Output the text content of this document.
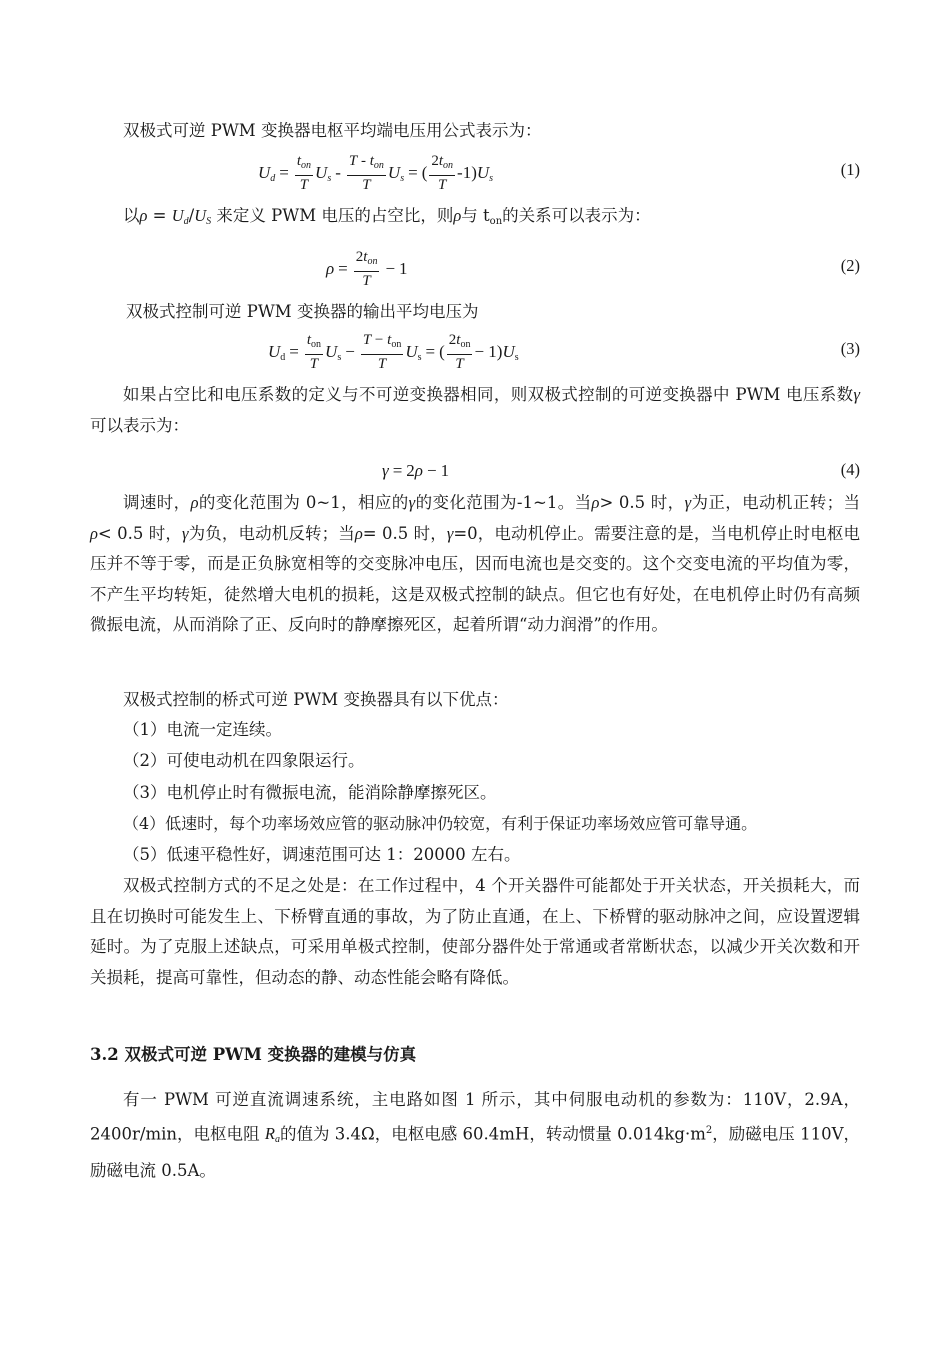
双极式可逆 PWM 变换器电枢平均端电压用公式表示为：

$U_d = \frac{t_{on}}{T} U_s - \frac{T - t_{on}}{T} U_s$ = ( $\frac{2t_{on}}{T} -1$) $U_s$	(1)

以$\rho = U_d/U_S$ 来定义 PWM 电压的占空比，则ρ与 $t_{on}$的关系可以表示为：

$\rho = \frac{2t_{on}}{T} - 1$	(2)

双极式控制可逆 PWM 变换器的输出平均电压为

$U_d = \frac{t_{on}}{T} U_s - \frac{T - t_{on}}{T} U_s$ = ( $\frac{2t_{on}}{T} - 1$) $U_s$	(3)

如果占空比和电压系数的定义与不可逆变换器相同，则双极式控制的可逆变换器中 PWM 电压系数γ可以表示为：

γ = 2 ρ − 1	(4)

调速时，ρ的变化范围为 0~1，相应的γ的变化范围为-1~1。当ρ> 0.5 时，γ为正，电动机正转；当ρ< 0.5 时，γ为负，电动机反转；当ρ= 0.5 时，γ=0，电动机停止。需要注意的是，当电机停止时电枢电压并不等于零，而是正负脉宽相等的交变脉冲电压，因而电流也是交变的。这个交变电流的平均值为零，不产生平均转矩，徒然增大电机的损耗，这是双极式控制的缺点。但它也有好处，在电机停止时仍有高频微振电流，从而消除了正、反向时的静摩擦死区，起着所谓“动力润滑”的作用。

双极式控制的桥式可逆 PWM 变换器具有以下优点：

（1）电流一定连续。

（2）可使电动机在四象限运行。

（3）电机停止时有微振电流，能消除静摩擦死区。

（4）低速时，每个功率场效应管的驱动脉冲仍较宽，有利于保证功率场效应管可靠导通。

（5）低速平稳性好，调速范围可达 1：20000 左右。

双极式控制方式的不足之处是：在工作过程中，4 个开关器件可能都处于开关状态，开关损耗大，而且在切换时可能发生上、下桥臂直通的事故，为了防止直通，在上、下桥臂的驱动脉冲之间，应设置逻辑延时。为了克服上述缺点，可采用单极式控制，使部分器件处于常通或者常断状态，以减少开关次数和开关损耗，提高可靠性，但动态的静、动态性能会略有降低。

3.2 双极式可逆 PWM 变换器的建模与仿真

有一 PWM 可逆直流调速系统，主电路如图 1 所示，其中伺服电动机的参数为：110V，2.9A，2400r/min，电枢电阻 $R_a$的值为 3.4Ω，电枢电感 60.4mH，转动惯量 $0.014kg\cdot m^2$，励磁电压 110V，励磁电流 0.5A。
